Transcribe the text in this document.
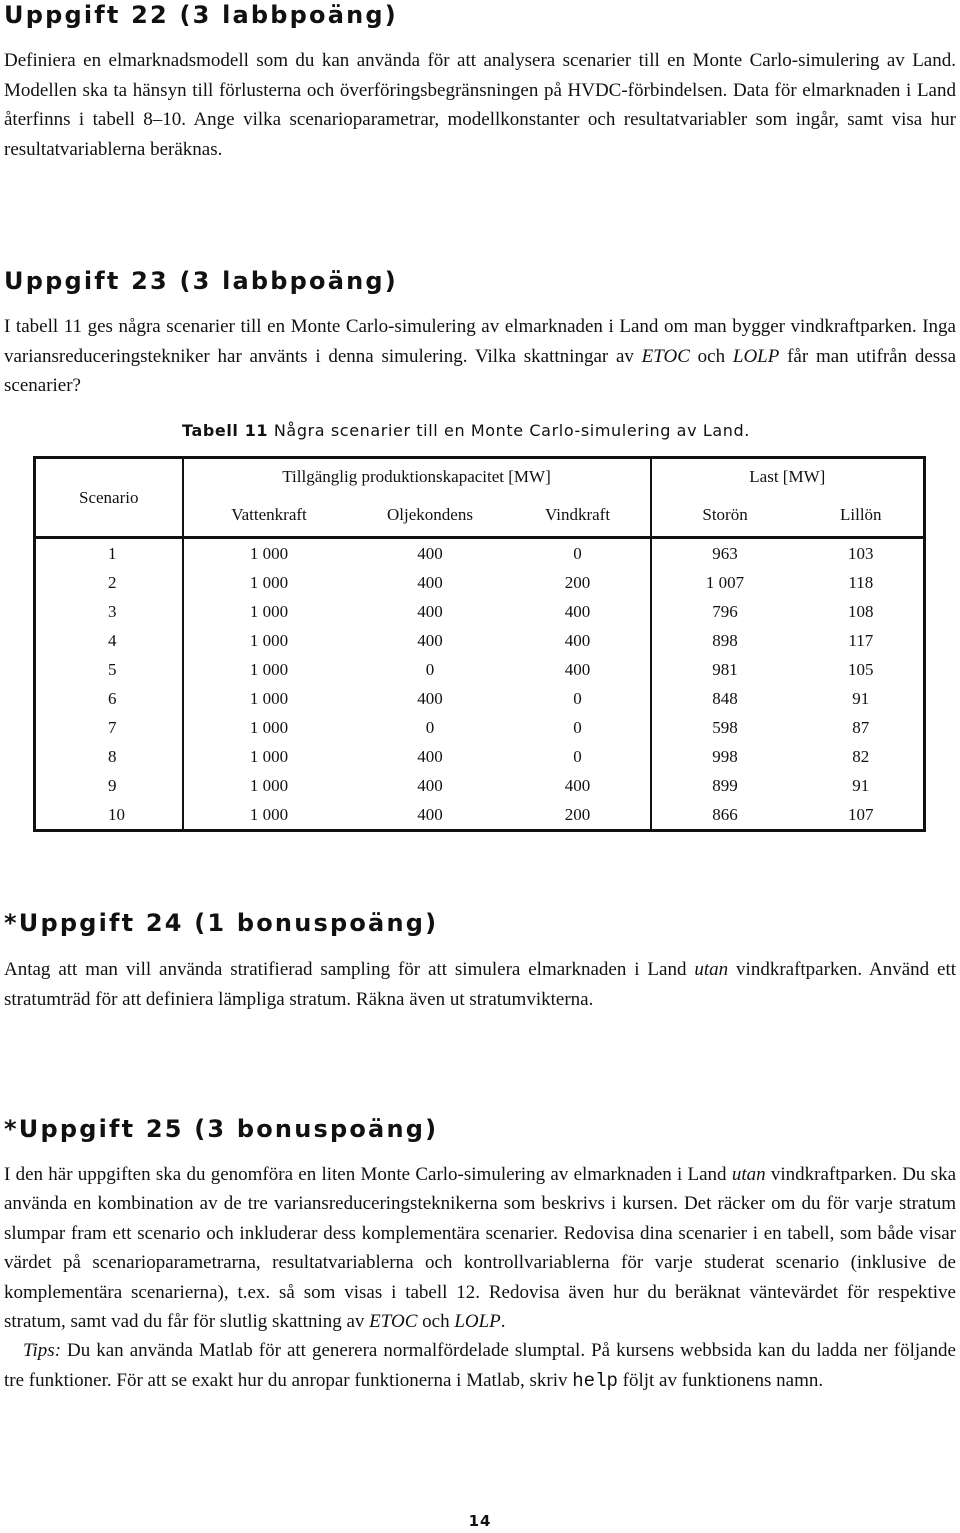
Uppgift 22 (3 labbpoäng)

Definiera en elmarknadsmodell som du kan använda för att analysera scenarier till en Monte Carlo-simulering av Land. Modellen ska ta hänsyn till förlusterna och överföringsbegränsningen på HVDC-förbindelsen. Data för elmarknaden i Land återfinns i tabell 8–10. Ange vilka scenarioparametrar, modellkonstanter och resultatvariabler som ingår, samt visa hur resultatvariablerna beräknas.

Uppgift 23 (3 labbpoäng)

I tabell 11 ges några scenarier till en Monte Carlo-simulering av elmarknaden i Land om man bygger vindkraftparken. Inga variansreduceringstekniker har använts i denna simulering. Vilka skattningar av ETOC och LOLP får man utifrån dessa scenarier?

Tabell 11 Några scenarier till en Monte Carlo-simulering av Land.
Scenario	Tillgänglig produktionskapacitet [MW]			Last [MW]	
	Vattenkraft	Oljekondens	Vindkraft	Storön	Lillön
1	1 000	400	0	963	103
2	1 000	400	200	1 007	118
3	1 000	400	400	796	108
4	1 000	400	400	898	117
5	1 000	0	400	981	105
6	1 000	400	0	848	91
7	1 000	0	0	598	87
8	1 000	400	0	998	82
9	1 000	400	400	899	91
10	1 000	400	200	866	107
*Uppgift 24 (1 bonuspoäng)

Antag att man vill använda stratifierad sampling för att simulera elmarknaden i Land utan vindkraftparken. Använd ett stratumträd för att definiera lämpliga stratum. Räkna även ut stratumvikterna.

*Uppgift 25 (3 bonuspoäng)

I den här uppgiften ska du genomföra en liten Monte Carlo-simulering av elmarknaden i Land utan vindkraftparken. Du ska använda en kombination av de tre variansreduceringsteknikerna som beskrivs i kursen. Det räcker om du för varje stratum slumpar fram ett scenario och inkluderar dess komplementära scenarier. Redovisa dina scenarier i en tabell, som både visar värdet på scenarioparametrarna, resultatvariablerna och kontrollvariablerna för varje studerat scenario (inklusive de komplementära scenarierna), t.ex. så som visas i tabell 12. Redovisa även hur du beräknat väntevärdet för respektive stratum, samt vad du får för slutlig skattning av ETOC och LOLP.
Tips: Du kan använda Matlab för att generera normalfördelade slumptal. På kursens webbsida kan du ladda ner följande tre funktioner. För att se exakt hur du anropar funktionerna i Matlab, skriv help följt av funktionens namn.

14
